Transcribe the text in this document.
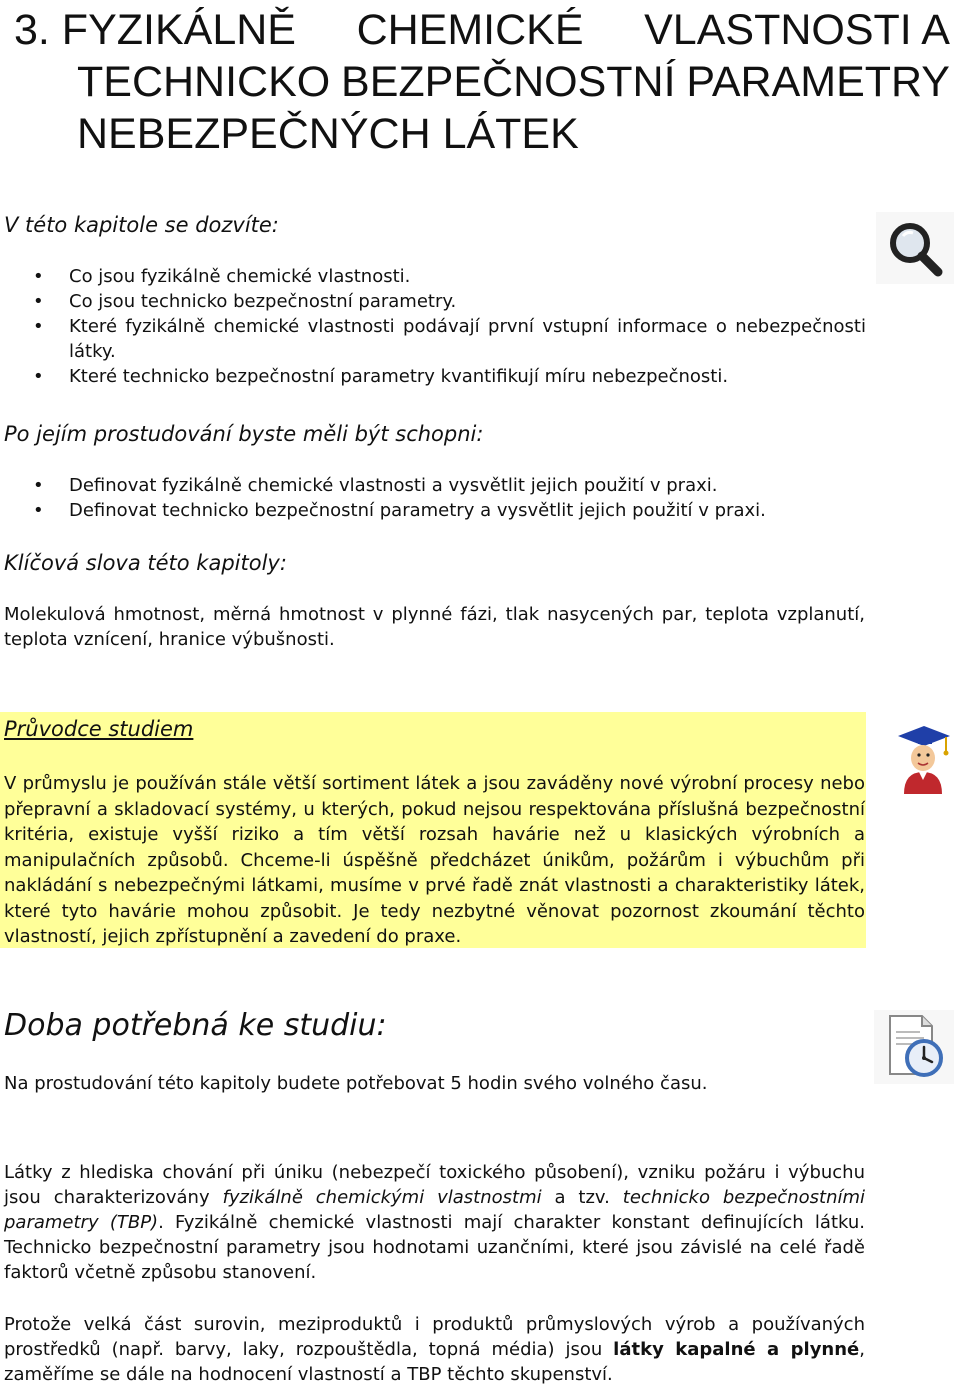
3. FYZIKÁLNĚ CHEMICKÉ VLASTNOSTI A
TECHNICKO BEZPEČNOSTNÍ PARAMETRY
NEBEZPEČNÝCH LÁTEK
V této kapitole se dozvíte:
• Co jsou fyzikálně chemické vlastnosti.
• Co jsou technicko bezpečnostní parametry.
• Které fyzikálně chemické vlastnosti podávají první vstupní informace o nebezpečnosti látky.
• Které technicko bezpečnostní parametry kvantifikují míru nebezpečnosti.
Po jejím prostudování byste měli být schopni:
• Definovat fyzikálně chemické vlastnosti a vysvětlit jejich použití v praxi.
• Definovat technicko bezpečnostní parametry a vysvětlit jejich použití v praxi.
Klíčová slova této kapitoly:

Molekulová hmotnost, měrná hmotnost v plynné fázi, tlak nasycených par, teplota vzplanutí, teplota vznícení, hranice výbušnosti.

Průvodce studiem

V průmyslu je používán stále větší sortiment látek a jsou zaváděny nové výrobní procesy nebo přepravní a skladovací systémy, u kterých, pokud nejsou respektována příslušná bezpečnostní kritéria, existuje vyšší riziko a tím větší rozsah havárie než u klasických výrobních a manipulačních způsobů. Chceme-li úspěšně předcházet únikům, požárům i výbuchům při nakládání s nebezpečnými látkami, musíme v prvé řadě znát vlastnosti a charakteristiky látek, které tyto havárie mohou způsobit. Je tedy nezbytné věnovat pozornost zkoumání těchto vlastností, jejich zpřístupnění a zavedení do praxe.

Doba potřebná ke studiu:

Na prostudování této kapitoly budete potřebovat 5 hodin svého volného času.

Látky z hlediska chování při úniku (nebezpečí toxického působení), vzniku požáru i výbuchu jsou charakterizovány fyzikálně chemickými vlastnostmi a tzv. technicko bezpečnostními parametry (TBP). Fyzikálně chemické vlastnosti mají charakter konstant definujících látku. Technicko bezpečnostní parametry jsou hodnotami uzančními, které jsou závislé na celé řadě faktorů včetně způsobu stanovení.

Protože velká část surovin, meziproduktů i produktů průmyslových výrob a používaných prostředků (např. barvy, laky, rozpouštědla, topná média) jsou látky kapalné a plynné, zaměříme se dále na hodnocení vlastností a TBP těchto skupenství.
